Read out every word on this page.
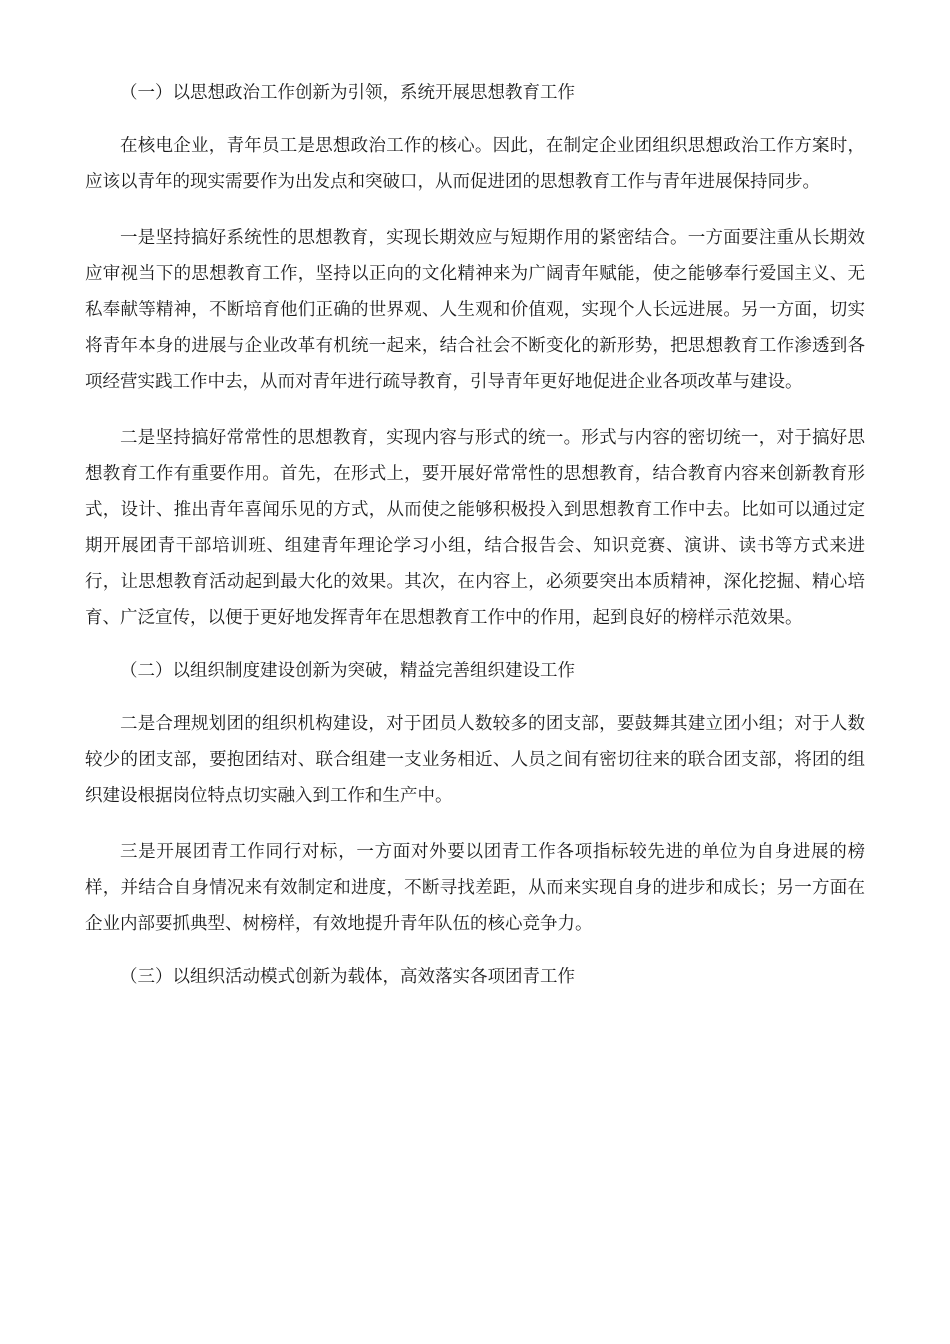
（一）以思想政治工作创新为引领，系统开展思想教育工作

在核电企业，青年员工是思想政治工作的核心。因此，在制定企业团组织思想政治工作方案时，应该以青年的现实需要作为出发点和突破口，从而促进团的思想教育工作与青年进展保持同步。

一是坚持搞好系统性的思想教育，实现长期效应与短期作用的紧密结合。一方面要注重从长期效应审视当下的思想教育工作，坚持以正向的文化精神来为广阔青年赋能，使之能够奉行爱国主义、无私奉献等精神，不断培育他们正确的世界观、人生观和价值观，实现个人长远进展。另一方面，切实将青年本身的进展与企业改革有机统一起来，结合社会不断变化的新形势，把思想教育工作渗透到各项经营实践工作中去，从而对青年进行疏导教育，引导青年更好地促进企业各项改革与建设。

二是坚持搞好常常性的思想教育，实现内容与形式的统一。形式与内容的密切统一，对于搞好思想教育工作有重要作用。首先，在形式上，要开展好常常性的思想教育，结合教育内容来创新教育形式，设计、推出青年喜闻乐见的方式，从而使之能够积极投入到思想教育工作中去。比如可以通过定期开展团青干部培训班、组建青年理论学习小组，结合报告会、知识竞赛、演讲、读书等方式来进行，让思想教育活动起到最大化的效果。其次，在内容上，必须要突出本质精神，深化挖掘、精心培育、广泛宣传，以便于更好地发挥青年在思想教育工作中的作用，起到良好的榜样示范效果。

（二）以组织制度建设创新为突破，精益完善组织建设工作

二是合理规划团的组织机构建设，对于团员人数较多的团支部，要鼓舞其建立团小组；对于人数较少的团支部，要抱团结对、联合组建一支业务相近、人员之间有密切往来的联合团支部，将团的组织建设根据岗位特点切实融入到工作和生产中。

三是开展团青工作同行对标，一方面对外要以团青工作各项指标较先进的单位为自身进展的榜样，并结合自身情况来有效制定和进度，不断寻找差距，从而来实现自身的进步和成长；另一方面在企业内部要抓典型、树榜样，有效地提升青年队伍的核心竞争力。

（三）以组织活动模式创新为载体，高效落实各项团青工作
